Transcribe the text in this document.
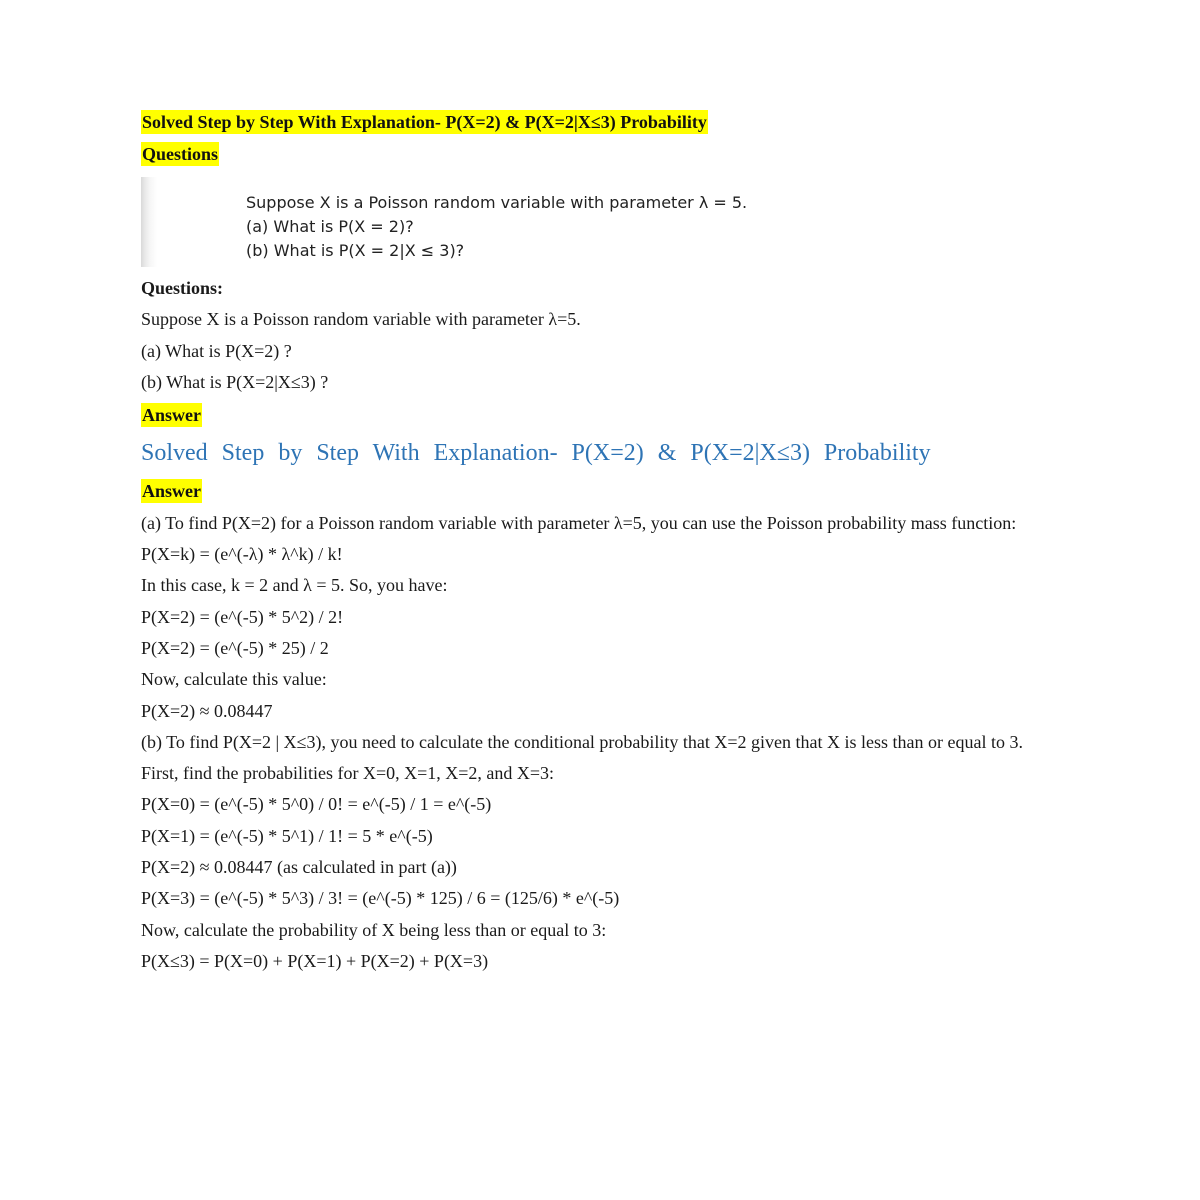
Solved Step by Step With Explanation- P(X=2) & P(X=2|X≤3) Probability
Questions
Suppose X is a Poisson random variable with parameter λ = 5.
(a) What is P(X = 2)?
(b) What is P(X = 2|X ≤ 3)?
Questions:
Suppose X is a Poisson random variable with parameter λ=5.
(a) What is P(X=2) ?
(b) What is P(X=2|X≤3) ?
Answer
Solved Step by Step With Explanation- P(X=2) & P(X=2|X≤3) Probability
Answer
(a) To find P(X=2) for a Poisson random variable with parameter λ=5, you can use the Poisson probability mass function:
P(X=k) = (e^(-λ) * λ^k) / k!
In this case, k = 2 and λ = 5. So, you have:
P(X=2) = (e^(-5) * 5^2) / 2!
P(X=2) = (e^(-5) * 25) / 2
Now, calculate this value:
P(X=2) ≈ 0.08447
(b) To find P(X=2 | X≤3), you need to calculate the conditional probability that X=2 given that X is less than or equal to 3.
First, find the probabilities for X=0, X=1, X=2, and X=3:
P(X=0) = (e^(-5) * 5^0) / 0! = e^(-5) / 1 = e^(-5)
P(X=1) = (e^(-5) * 5^1) / 1! = 5 * e^(-5)
P(X=2) ≈ 0.08447 (as calculated in part (a))
P(X=3) = (e^(-5) * 5^3) / 3! = (e^(-5) * 125) / 6 = (125/6) * e^(-5)
Now, calculate the probability of X being less than or equal to 3:
P(X≤3) = P(X=0) + P(X=1) + P(X=2) + P(X=3)
